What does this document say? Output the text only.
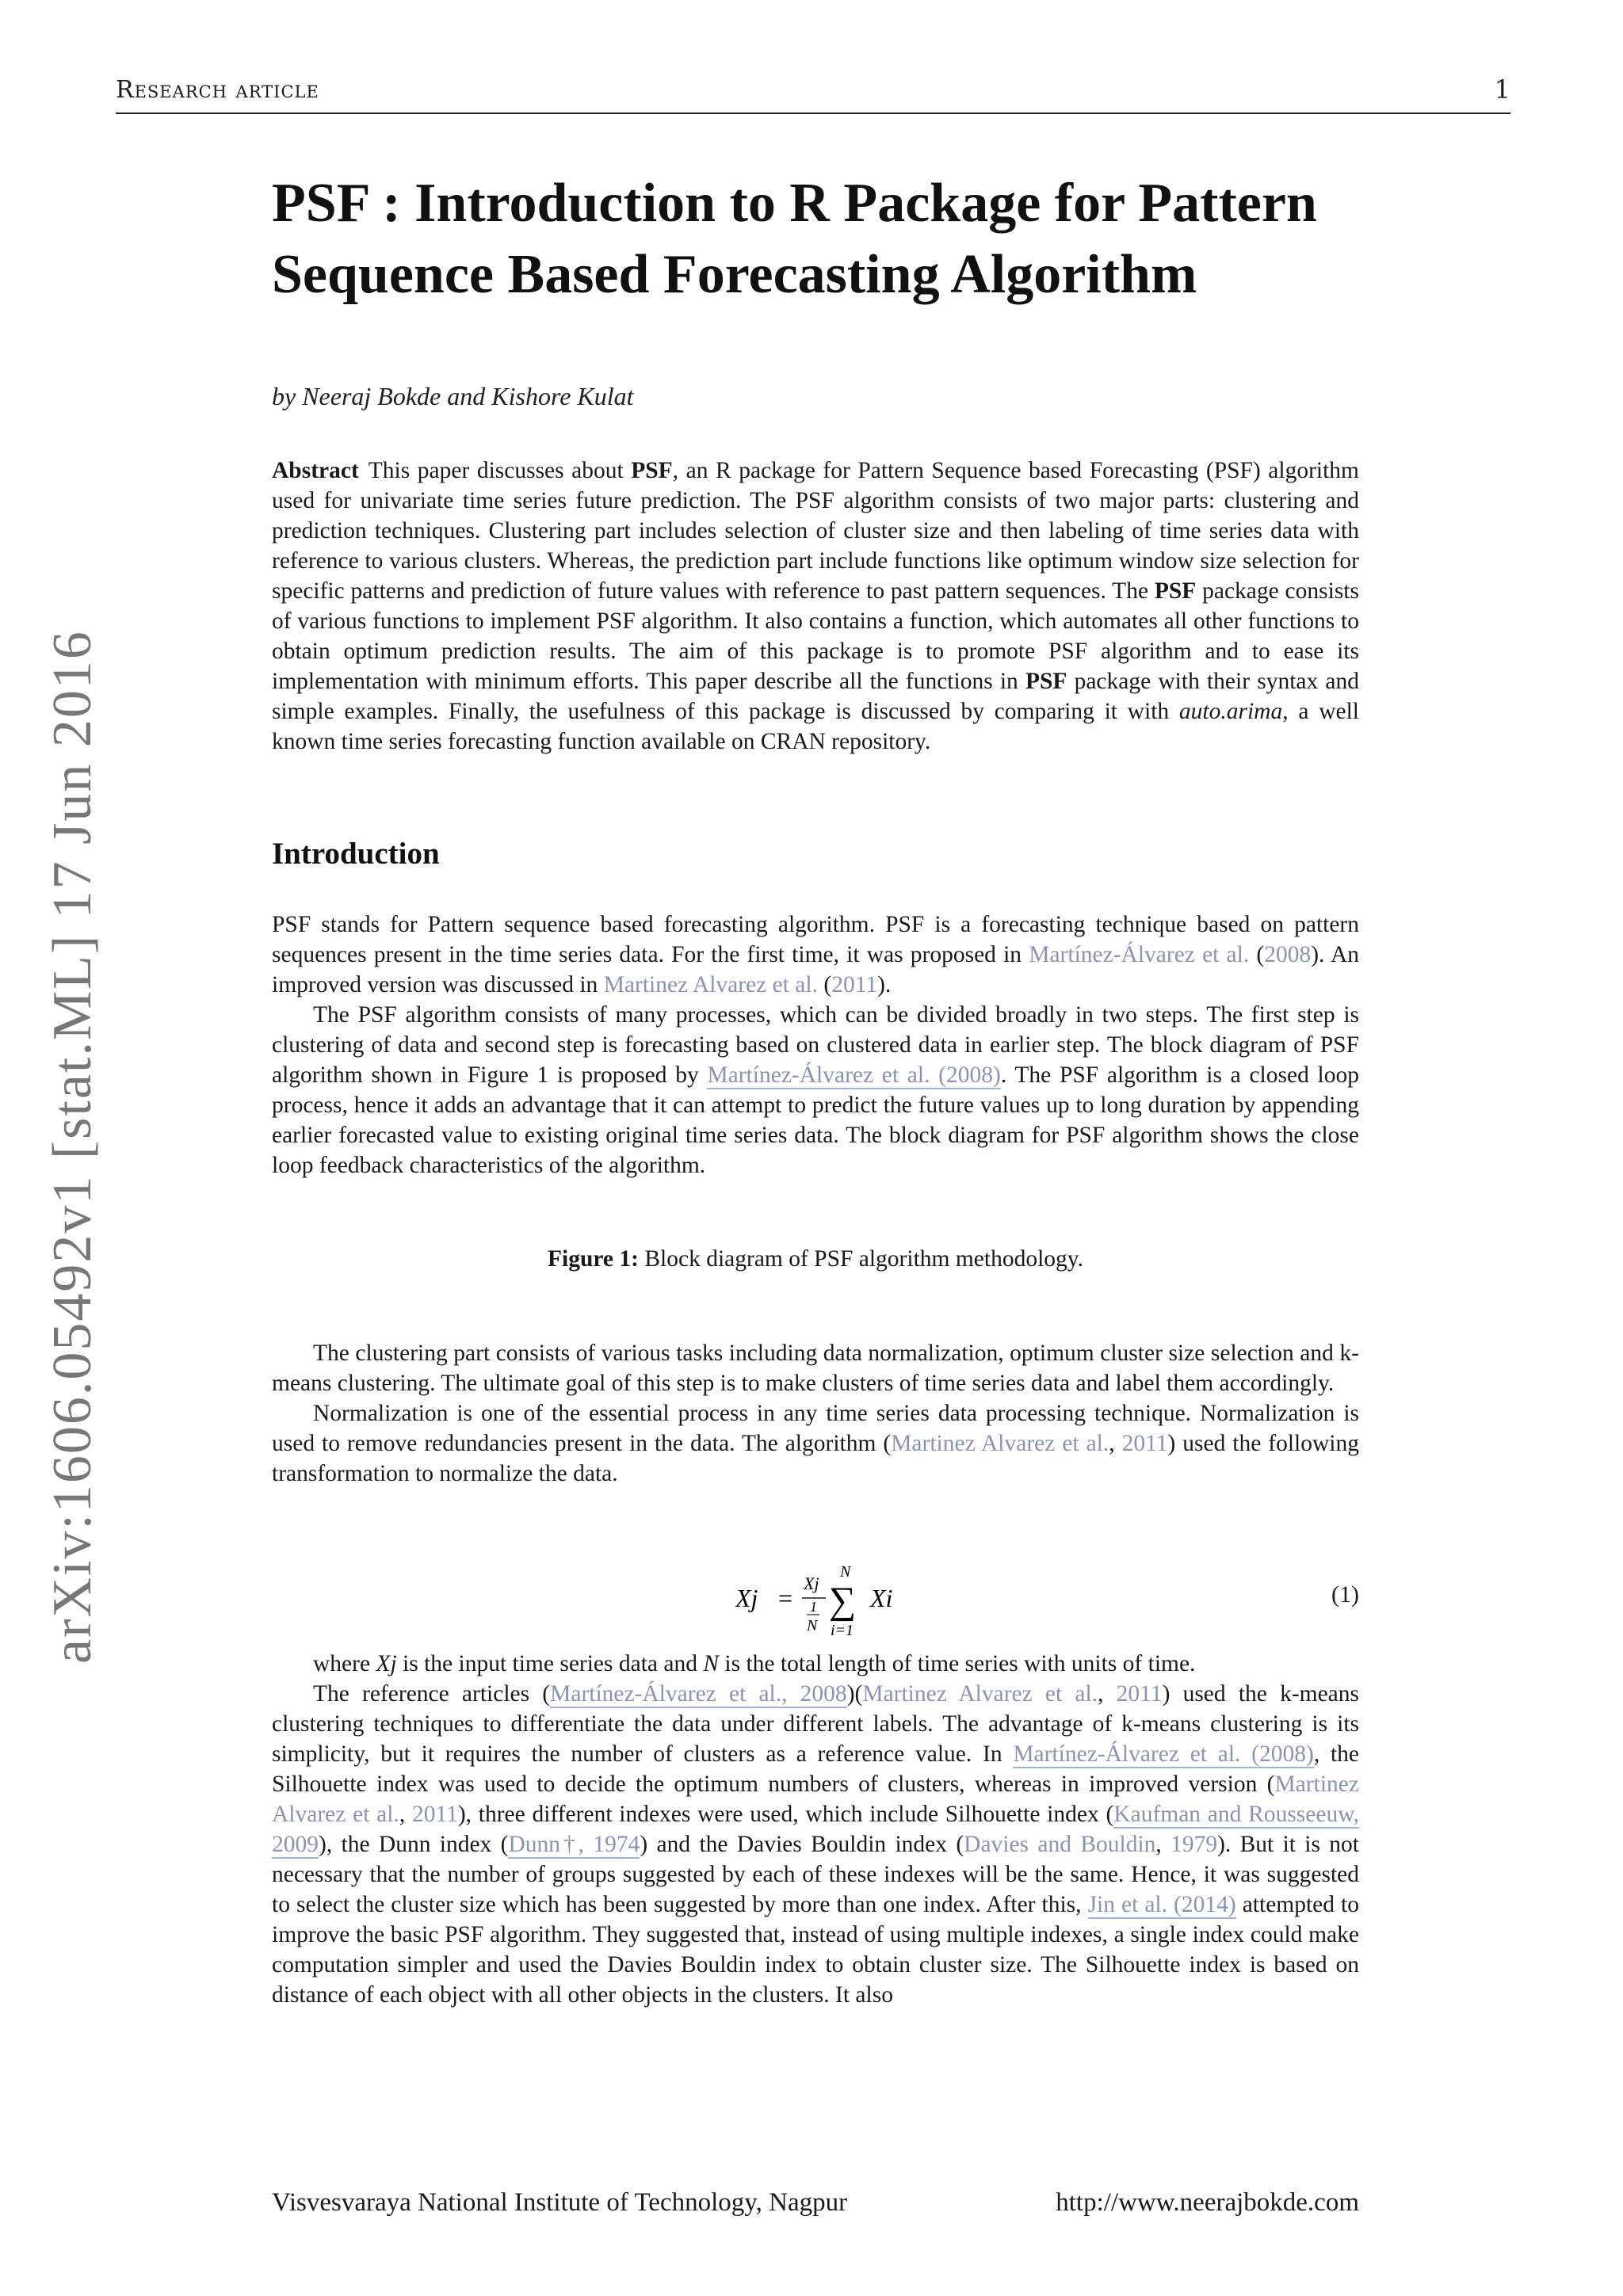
Research article	1
arXiv:1606.05492v1 [stat.ML] 17 Jun 2016
PSF : Introduction to R Package for Pattern Sequence Based Forecasting Algorithm
by Neeraj Bokde and Kishore Kulat

Abstract This paper discusses about PSF, an R package for Pattern Sequence based Forecasting (PSF) algorithm used for univariate time series future prediction. The PSF algorithm consists of two major parts: clustering and prediction techniques. Clustering part includes selection of cluster size and then labeling of time series data with reference to various clusters. Whereas, the prediction part include functions like optimum window size selection for specific patterns and prediction of future values with reference to past pattern sequences. The PSF package consists of various functions to implement PSF algorithm. It also contains a function, which automates all other functions to obtain optimum prediction results. The aim of this package is to promote PSF algorithm and to ease its implementation with minimum efforts. This paper describe all the functions in PSF package with their syntax and simple examples. Finally, the usefulness of this package is discussed by comparing it with auto.arima, a well known time series forecasting function available on CRAN repository.

Introduction

PSF stands for Pattern sequence based forecasting algorithm. PSF is a forecasting technique based on pattern sequences present in the time series data. For the first time, it was proposed in Martínez-Álvarez et al. (2008). An improved version was discussed in Martinez Alvarez et al. (2011).

The PSF algorithm consists of many processes, which can be divided broadly in two steps. The first step is clustering of data and second step is forecasting based on clustered data in earlier step. The block diagram of PSF algorithm shown in Figure 1 is proposed by Martínez-Álvarez et al. (2008). The PSF algorithm is a closed loop process, hence it adds an advantage that it can attempt to predict the future values up to long duration by appending earlier forecasted value to existing original time series data. The block diagram for PSF algorithm shows the close loop feedback characteristics of the algorithm.

Figure 1: Block diagram of PSF algorithm methodology.

The clustering part consists of various tasks including data normalization, optimum cluster size selection and k-means clustering. The ultimate goal of this step is to make clusters of time series data and label them accordingly.

Normalization is one of the essential process in any time series data processing technique. Normalization is used to remove redundancies present in the data. The algorithm (Martinez Alvarez et al., 2011) used the following transformation to normalize the data.

Xj =
Xj
1
N
N
∑
i=1
Xi	(1)

where Xj is the input time series data and N is the total length of time series with units of time.

The reference articles (Martínez-Álvarez et al., 2008)(Martinez Alvarez et al., 2011) used the k-means clustering techniques to differentiate the data under different labels. The advantage of k-means clustering is its simplicity, but it requires the number of clusters as a reference value. In Martínez-Álvarez et al. (2008), the Silhouette index was used to decide the optimum numbers of clusters, whereas in improved version (Martinez Alvarez et al., 2011), three different indexes were used, which include Silhouette index (Kaufman and Rousseeuw, 2009), the Dunn index (Dunn†, 1974) and the Davies Bouldin index (Davies and Bouldin, 1979). But it is not necessary that the number of groups suggested by each of these indexes will be the same. Hence, it was suggested to select the cluster size which has been suggested by more than one index. After this, Jin et al. (2014) attempted to improve the basic PSF algorithm. They suggested that, instead of using multiple indexes, a single index could make computation simpler and used the Davies Bouldin index to obtain cluster size. The Silhouette index is based on distance of each object with all other objects in the clusters. It also

Visvesvaraya National Institute of Technology, Nagpur	http://www.neerajbokde.com
